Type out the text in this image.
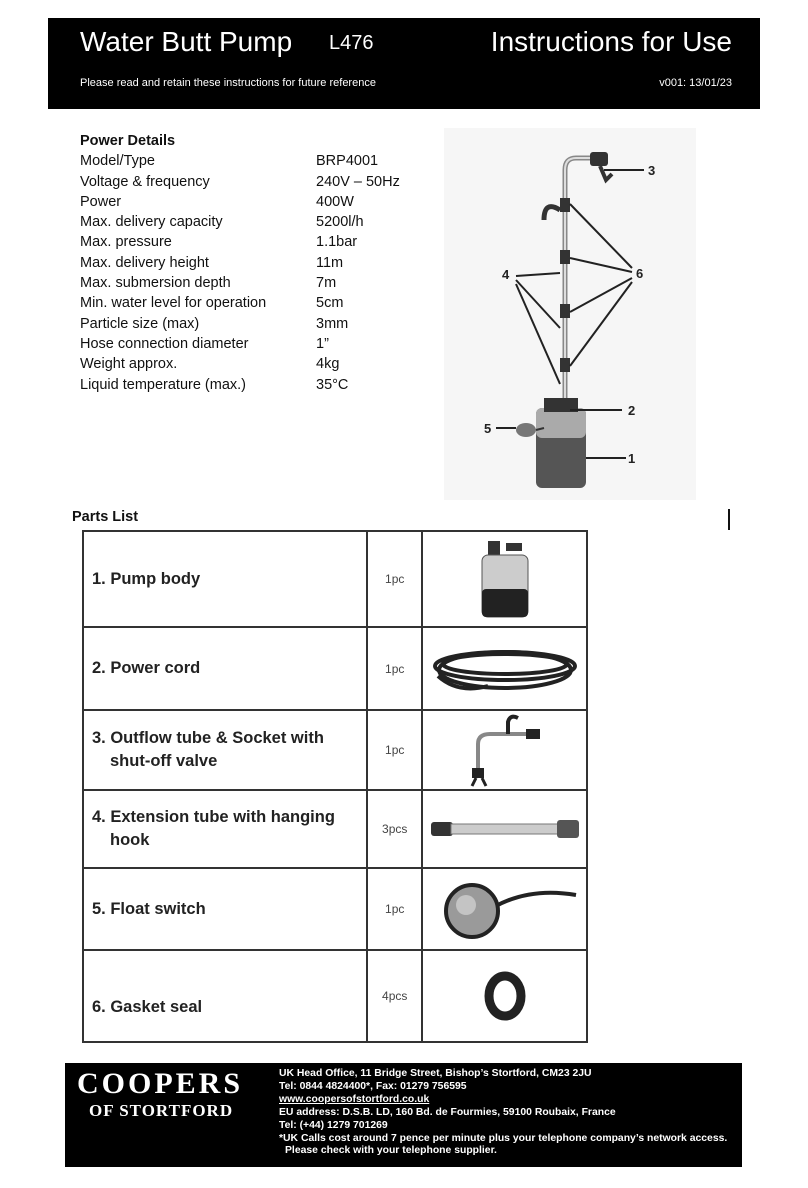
Water Butt Pump L476	Instructions for Use
Please read and retain these instructions for future reference	v001: 13/01/23
Power Details
Model/Type	BRP4001
Voltage & frequency	240V – 50Hz
Power	400W
Max. delivery capacity	5200l/h
Max. pressure	1.1bar
Max. delivery height	11m
Max. submersion depth	7m
Min. water level for operation	5cm
Particle size (max)	3mm
Hose connection diameter	1”
Weight approx.	4kg
Liquid temperature (max.)	35°C
3
6
4
2
1
5
Parts List
1. Pump body	1pc	

2. Power cord	1pc	

3. Outflow tube & Socket with
shut-off valve	1pc	

4. Extension tube with hanging
hook	3pcs	

5. Float switch	1pc	

6. Gasket seal	4pcs	
COOPERS
OF STORTFORD
UK Head Office, 11 Bridge Street, Bishop’s Stortford, CM23 2JU
Tel: 0844 4824400*, Fax: 01279 756595
www.coopersofstortford.co.uk
EU address: D.S.B. LD, 160 Bd. de Fourmies, 59100 Roubaix, France
Tel: (+44) 1279 701269
*UK Calls cost around 7 pence per minute plus your telephone company’s network access.
Please check with your telephone supplier.
